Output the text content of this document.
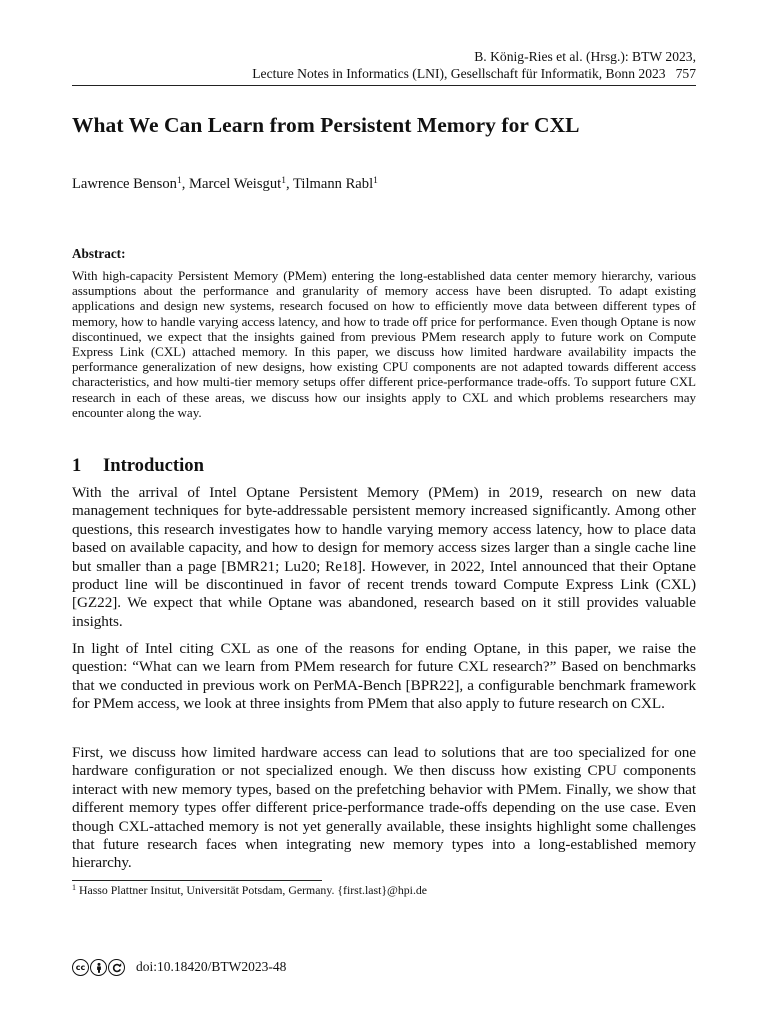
B. König-Ries et al. (Hrsg.): BTW 2023,
Lecture Notes in Informatics (LNI), Gesellschaft für Informatik, Bonn 2023 757
What We Can Learn from Persistent Memory for CXL
Lawrence Benson$^1$, Marcel Weisgut$^1$, Tilmann Rabl$^1$
Abstract:

With high-capacity Persistent Memory (PMem) entering the long-established data center memory hierarchy, various assumptions about the performance and granularity of memory access have been disrupted. To adapt existing applications and design new systems, research focused on how to efficiently move data between different types of memory, how to handle varying access latency, and how to trade off price for performance. Even though Optane is now discontinued, we expect that the insights gained from previous PMem research apply to future work on Compute Express Link (CXL) attached memory. In this paper, we discuss how limited hardware availability impacts the performance generalization of new designs, how existing CPU components are not adapted towards different access characteristics, and how multi-tier memory setups offer different price-performance trade-offs. To support future CXL research in each of these areas, we discuss how our insights apply to CXL and which problems researchers may encounter along the way.

1 Introduction

With the arrival of Intel Optane Persistent Memory (PMem) in 2019, research on new data management techniques for byte-addressable persistent memory increased significantly. Among other questions, this research investigates how to handle varying memory access latency, how to place data based on available capacity, and how to design for memory access sizes larger than a single cache line but smaller than a page [BMR21; Lu20; Re18]. However, in 2022, Intel announced that their Optane product line will be discontinued in favor of recent trends toward Compute Express Link (CXL) [GZ22]. We expect that while Optane was abandoned, research based on it still provides valuable insights.

In light of Intel citing CXL as one of the reasons for ending Optane, in this paper, we raise the question: “What can we learn from PMem research for future CXL research?” Based on benchmarks that we conducted in previous work on PerMA-Bench [BPR22], a configurable benchmark framework for PMem access, we look at three insights from PMem that also apply to future research on CXL.

First, we discuss how limited hardware access can lead to solutions that are too specialized for one hardware configuration or not specialized enough. We then discuss how existing CPU components interact with new memory types, based on the prefetching behavior with PMem. Finally, we show that different memory types offer different price-performance trade-offs depending on the use case. Even though CXL-attached memory is not yet generally available, these insights highlight some challenges that future research faces when integrating new memory types into a long-established memory hierarchy.

$^1$ Hasso Plattner Insitut, Universität Potsdam, Germany. {first.last}@hpi.de
cc	doi:10.18420/BTW2023-48
